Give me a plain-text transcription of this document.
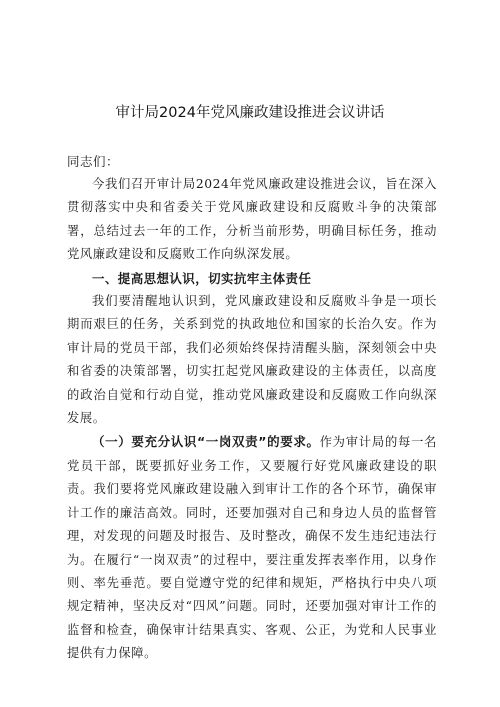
审计局2024年党风廉政建设推进会议讲话

同志们：

今我们召开审计局2024年党风廉政建设推进会议，旨在深入贯彻落实中央和省委关于党风廉政建设和反腐败斗争的决策部署，总结过去一年的工作，分析当前形势，明确目标任务，推动党风廉政建设和反腐败工作向纵深发展。

一、提高思想认识，切实抗牢主体责任

我们要清醒地认识到，党风廉政建设和反腐败斗争是一项长期而艰巨的任务，关系到党的执政地位和国家的长治久安。作为审计局的党员干部，我们必须始终保持清醒头脑，深刻领会中央和省委的决策部署，切实扛起党风廉政建设的主体责任，以高度的政治自觉和行动自觉，推动党风廉政建设和反腐败工作向纵深发展。

（一）要充分认识“一岗双责”的要求。作为审计局的每一名党员干部，既要抓好业务工作，又要履行好党风廉政建设的职责。我们要将党风廉政建设融入到审计工作的各个环节，确保审计工作的廉洁高效。同时，还要加强对自己和身边人员的监督管理，对发现的问题及时报告、及时整改，确保不发生违纪违法行为。在履行“一岗双责”的过程中，要注重发挥表率作用，以身作则、率先垂范。要自觉遵守党的纪律和规矩，严格执行中央八项规定精神，坚决反对“四风”问题。同时，还要加强对审计工作的监督和检查，确保审计结果真实、客观、公正，为党和人民事业提供有力保障。
